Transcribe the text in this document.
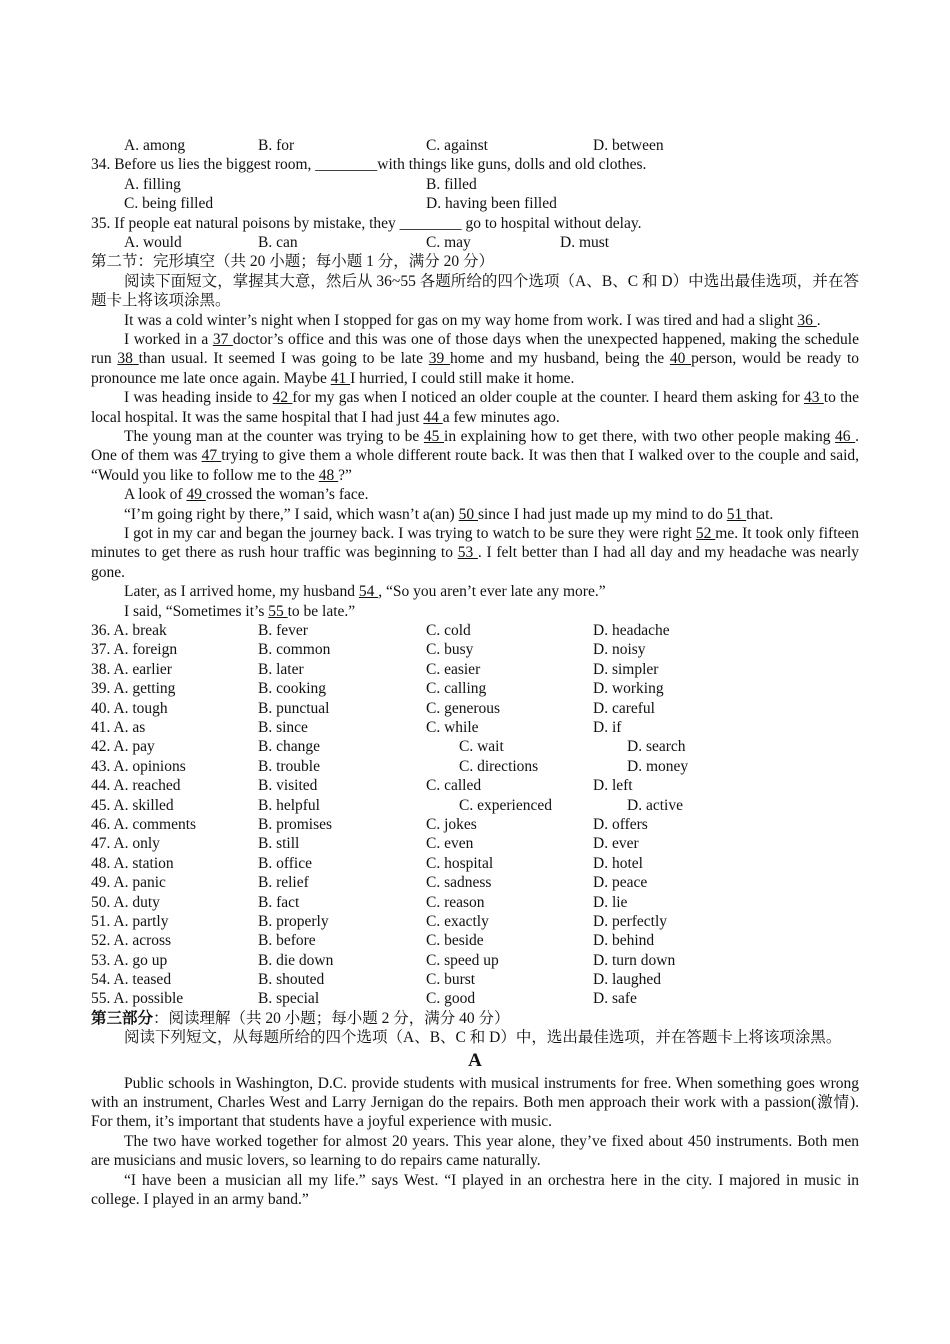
A. among	B. for	C. against	D. between
34. Before us lies the biggest room, ________with things like guns, dolls and old clothes.
A. filling	B. filled
C. being filled	D. having been filled
35. If people eat natural poisons by mistake, they ________ go to hospital without delay.
A. would	B. can	C. may	D. must
第二节：完形填空（共 20 小题；每小题 1 分，满分 20 分）
阅读下面短文，掌握其大意，然后从 36~55 各题所给的四个选项（A、B、C 和 D）中选出最佳选项，并在答题卡上将该项涂黑。
It was a cold winter’s night when I stopped for gas on my way home from work. I was tired and had a slight 36 .
I worked in a 37 doctor’s office and this was one of those days when the unexpected happened, making the schedule run 38 than usual. It seemed I was going to be late 39 home and my husband, being the 40 person, would be ready to pronounce me late once again. Maybe 41 I hurried, I could still make it home.
I was heading inside to 42 for my gas when I noticed an older couple at the counter. I heard them asking for 43 to the local hospital. It was the same hospital that I had just 44 a few minutes ago.
The young man at the counter was trying to be 45 in explaining how to get there, with two other people making 46 . One of them was 47 trying to give them a whole different route back. It was then that I walked over to the couple and said, “Would you like to follow me to the 48 ?”
A look of 49 crossed the woman’s face.
“I’m going right by there,” I said, which wasn’t a(an) 50 since I had just made up my mind to do 51 that.
I got in my car and began the journey back. I was trying to watch to be sure they were right 52 me. It took only fifteen minutes to get there as rush hour traffic was beginning to 53 . I felt better than I had all day and my headache was nearly gone.
Later, as I arrived home, my husband 54 , “So you aren’t ever late any more.”
I said, “Sometimes it’s 55 to be late.”
36. A. break	B. fever	C. cold	D. headache
37. A. foreign	B. common	C. busy	D. noisy
38. A. earlier	B. later	C. easier	D. simpler
39. A. getting	B. cooking	C. calling	D. working
40. A. tough	B. punctual	C. generous	D. careful
41. A. as	B. since	C. while	D. if
42. A. pay	B. change	C. wait	D. search
43. A. opinions	B. trouble	C. directions	D. money
44. A. reached	B. visited	C. called	D. left
45. A. skilled	B. helpful	C. experienced	D. active
46. A. comments	B. promises	C. jokes	D. offers
47. A. only	B. still	C. even	D. ever
48. A. station	B. office	C. hospital	D. hotel
49. A. panic	B. relief	C. sadness	D. peace
50. A. duty	B. fact	C. reason	D. lie
51. A. partly	B. properly	C. exactly	D. perfectly
52. A. across	B. before	C. beside	D. behind
53. A. go up	B. die down	C. speed up	D. turn down
54. A. teased	B. shouted	C. burst	D. laughed
55. A. possible	B. special	C. good	D. safe
第三部分：阅读理解（共 20 小题；每小题 2 分，满分 40 分）
阅读下列短文，从每题所给的四个选项（A、B、C 和 D）中，选出最佳选项，并在答题卡上将该项涂黑。
A
Public schools in Washington, D.C. provide students with musical instruments for free. When something goes wrong with an instrument, Charles West and Larry Jernigan do the repairs. Both men approach their work with a passion(激情). For them, it’s important that students have a joyful experience with music.
The two have worked together for almost 20 years. This year alone, they’ve fixed about 450 instruments. Both men are musicians and music lovers, so learning to do repairs came naturally.
“I have been a musician all my life.” says West. “I played in an orchestra here in the city. I majored in music in college. I played in an army band.”
